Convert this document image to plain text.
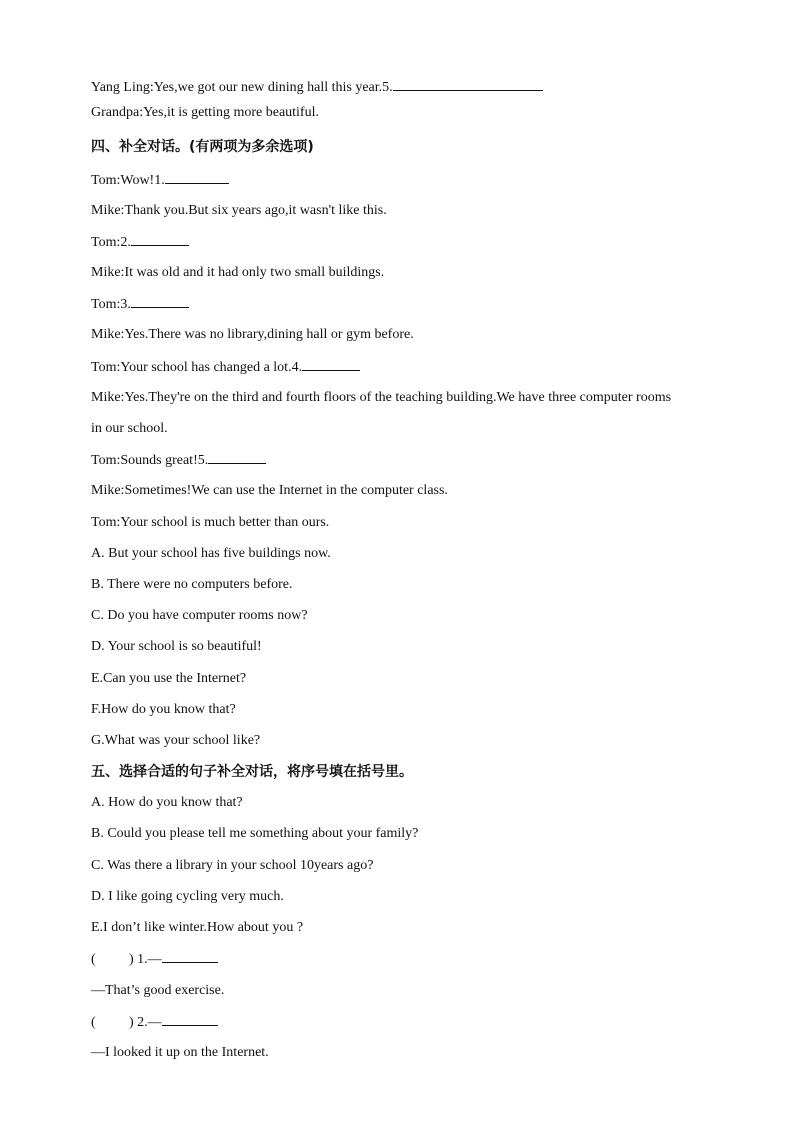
Yang Ling:Yes,we got our new dining hall this year.5.
Grandpa:Yes,it is getting more beautiful.
四、补全对话。(有两项为多余选项)
Tom:Wow!1.
Mike:Thank you.But six years ago,it wasn't like this.
Tom:2.
Mike:It was old and it had only two small buildings.
Tom:3.
Mike:Yes.There was no library,dining hall or gym before.
Tom:Your school has changed a lot.4.
Mike:Yes.They're on the third and fourth floors of the teaching building.We have three computer rooms
in our school.
Tom:Sounds great!5.
Mike:Sometimes!We can use the Internet in the computer class.
Tom:Your school is much better than ours.
A. But your school has five buildings now.
B. There were no computers before.
C. Do you have computer rooms now?
D. Your school is so beautiful!
E.Can you use the Internet?
F.How do you know that?
G.What was your school like?
五、选择合适的句子补全对话，将序号填在括号里。
A. How do you know that?
B. Could you please tell me something about your family?
C. Was there a library in your school 10years ago?
D. I like going cycling very much.
E.I don’t like winter.How about you ?
( ) 1.—
—That’s good exercise.
( ) 2.—
—I looked it up on the Internet.
